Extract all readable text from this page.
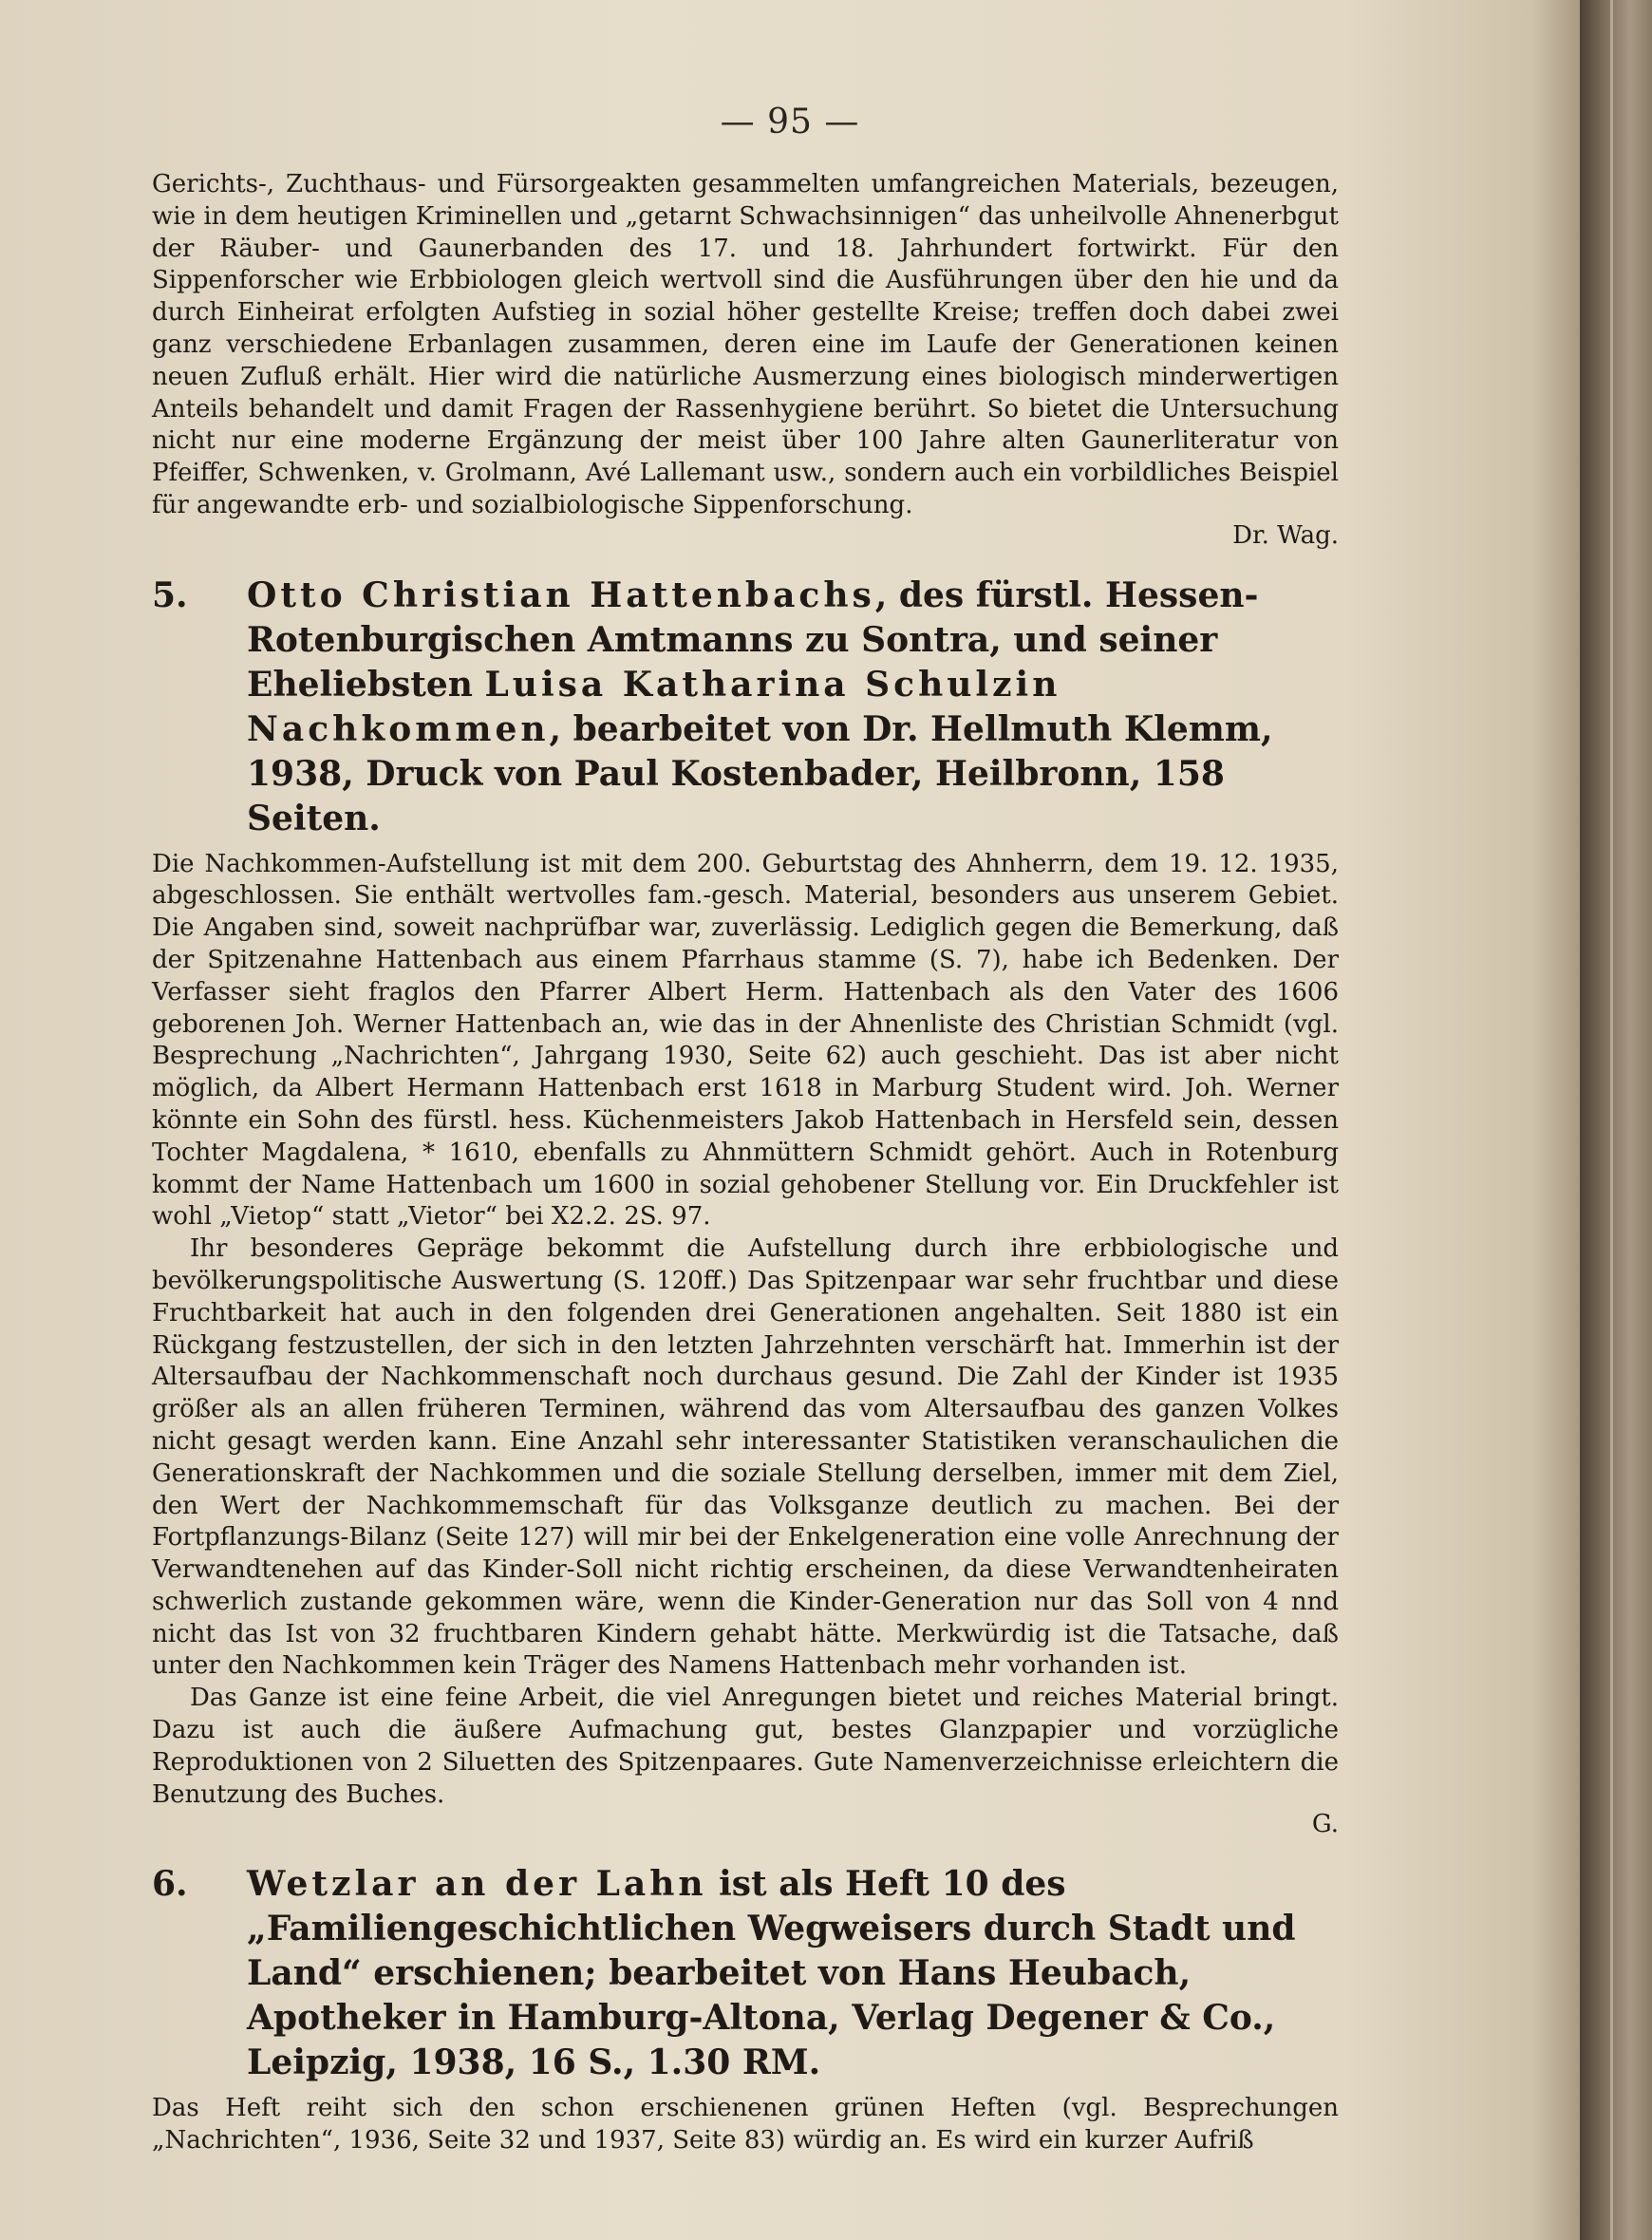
— 95 —

Gerichts-, Zuchthaus- und Fürsorgeakten gesammelten umfangreichen Materials, bezeugen, wie in dem heutigen Kriminellen und „getarnt Schwachsinnigen“ das unheilvolle Ahnenerbgut der Räuber- und Gaunerbanden des 17. und 18. Jahrhundert fortwirkt. Für den Sippenforscher wie Erbbiologen gleich wertvoll sind die Ausführungen über den hie und da durch Einheirat erfolgten Aufstieg in sozial höher gestellte Kreise; treffen doch dabei zwei ganz verschiedene Erbanlagen zusammen, deren eine im Laufe der Generationen keinen neuen Zufluß erhält. Hier wird die natürliche Ausmerzung eines biologisch minderwertigen Anteils behandelt und damit Fragen der Rassenhygiene berührt. So bietet die Untersuchung nicht nur eine moderne Ergänzung der meist über 100 Jahre alten Gaunerliteratur von Pfeiffer, Schwenken, v. Grolmann, Avé Lallemant usw., sondern auch ein vorbildliches Beispiel für angewandte erb- und sozialbiologische Sippenforschung.
Dr. Wag.

5. Otto Christian Hattenbachs, des fürstl. Hessen-Rotenburgischen Amtmanns zu Sontra, und seiner Eheliebsten Luisa Katharina Schulzin Nachkommen, bearbeitet von Dr. Hellmuth Klemm, 1938, Druck von Paul Kostenbader, Heilbronn, 158 Seiten.

Die Nachkommen-Aufstellung ist mit dem 200. Geburtstag des Ahnherrn, dem 19. 12. 1935, abgeschlossen. Sie enthält wertvolles fam.-gesch. Material, besonders aus unserem Gebiet. Die Angaben sind, soweit nachprüfbar war, zuverlässig. Lediglich gegen die Bemerkung, daß der Spitzenahne Hattenbach aus einem Pfarrhaus stamme (S. 7), habe ich Bedenken. Der Verfasser sieht fraglos den Pfarrer Albert Herm. Hattenbach als den Vater des 1606 geborenen Joh. Werner Hattenbach an, wie das in der Ahnenliste des Christian Schmidt (vgl. Besprechung „Nachrichten“, Jahrgang 1930, Seite 62) auch geschieht. Das ist aber nicht möglich, da Albert Hermann Hattenbach erst 1618 in Marburg Student wird. Joh. Werner könnte ein Sohn des fürstl. hess. Küchenmeisters Jakob Hattenbach in Hersfeld sein, dessen Tochter Magdalena, * 1610, ebenfalls zu Ahnmüttern Schmidt gehört. Auch in Rotenburg kommt der Name Hattenbach um 1600 in sozial gehobener Stellung vor. Ein Druckfehler ist wohl „Vietop“ statt „Vietor“ bei X2.2. 2S. 97.

Ihr besonderes Gepräge bekommt die Aufstellung durch ihre erbbiologische und bevölkerungspolitische Auswertung (S. 120ff.) Das Spitzenpaar war sehr fruchtbar und diese Fruchtbarkeit hat auch in den folgenden drei Generationen angehalten. Seit 1880 ist ein Rückgang festzustellen, der sich in den letzten Jahrzehnten verschärft hat. Immerhin ist der Altersaufbau der Nachkommenschaft noch durchaus gesund. Die Zahl der Kinder ist 1935 größer als an allen früheren Terminen, während das vom Altersaufbau des ganzen Volkes nicht gesagt werden kann. Eine Anzahl sehr interessanter Statistiken veranschaulichen die Generationskraft der Nachkommen und die soziale Stellung derselben, immer mit dem Ziel, den Wert der Nachkommemschaft für das Volksganze deutlich zu machen. Bei der Fortpflanzungs-Bilanz (Seite 127) will mir bei der Enkelgeneration eine volle Anrechnung der Verwandtenehen auf das Kinder-Soll nicht richtig erscheinen, da diese Verwandtenheiraten schwerlich zustande gekommen wäre, wenn die Kinder-Generation nur das Soll von 4 nnd nicht das Ist von 32 fruchtbaren Kindern gehabt hätte. Merkwürdig ist die Tatsache, daß unter den Nachkommen kein Träger des Namens Hattenbach mehr vorhanden ist.

Das Ganze ist eine feine Arbeit, die viel Anregungen bietet und reiches Material bringt. Dazu ist auch die äußere Aufmachung gut, bestes Glanzpapier und vorzügliche Reproduktionen von 2 Siluetten des Spitzenpaares. Gute Namenverzeichnisse erleichtern die Benutzung des Buches.
G.

6. Wetzlar an der Lahn ist als Heft 10 des „Familiengeschichtlichen Wegweisers durch Stadt und Land“ erschienen; bearbeitet von Hans Heubach, Apotheker in Hamburg-Altona, Verlag Degener & Co., Leipzig, 1938, 16 S., 1.30 RM.

Das Heft reiht sich den schon erschienenen grünen Heften (vgl. Besprechungen „Nachrichten“, 1936, Seite 32 und 1937, Seite 83) würdig an. Es wird ein kurzer Aufriß
